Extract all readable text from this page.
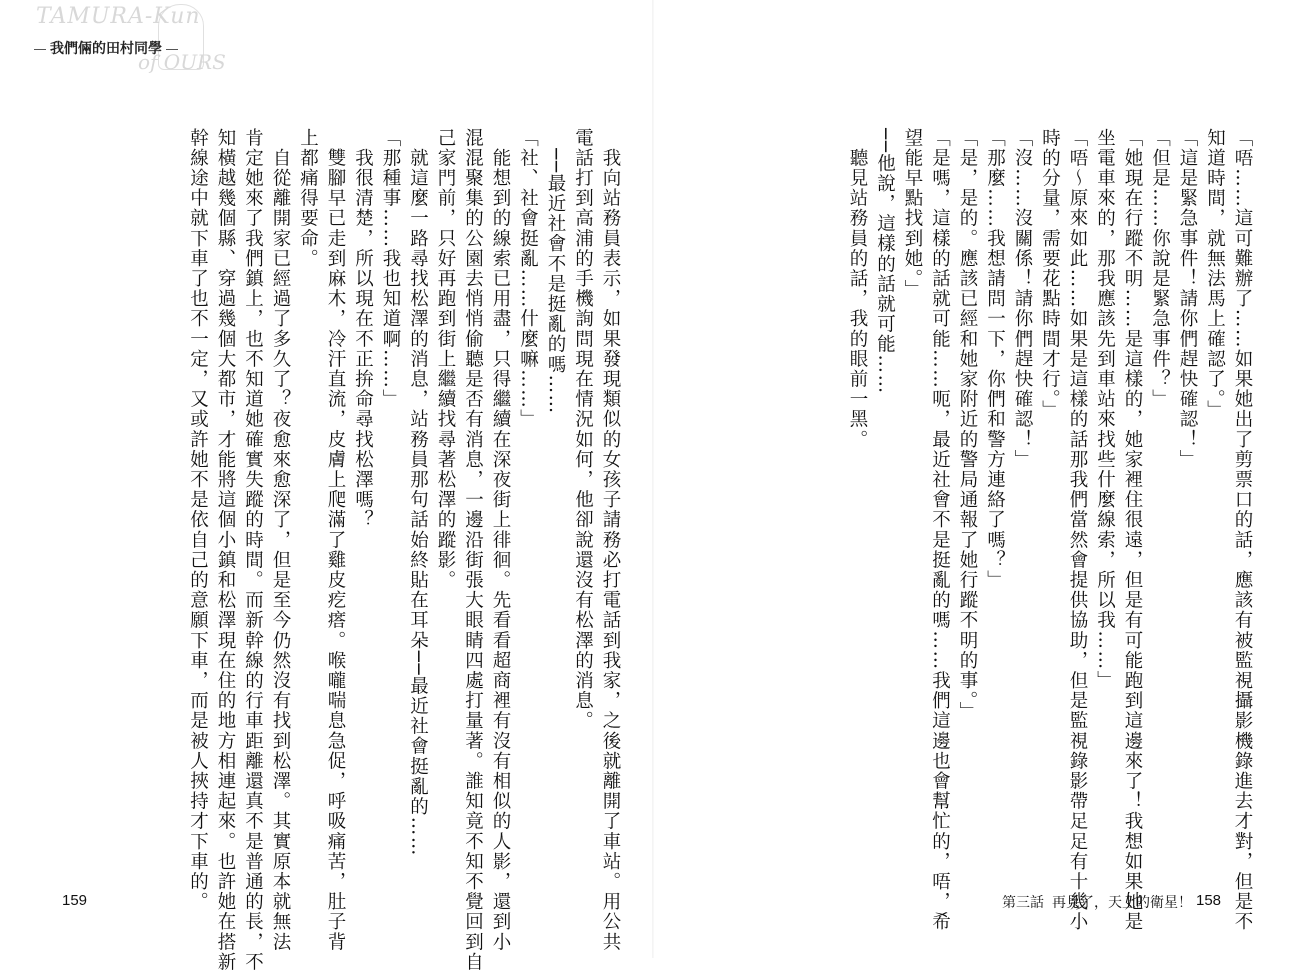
TAMURA-Kun
我們倆的田村同學
of OURS

「唔……這可難辦了……如果她出了剪票口的話，應該有被監視攝影機錄進去才對，但是不

知道時間，就無法馬上確認了。」

「這是緊急事件！請你們趕快確認！」

「但是……你說是緊急事件？」

「她現在行蹤不明……是這樣的，她家裡住很遠，但是有可能跑到這邊來了！我想如果她是

坐電車來的，那我應該先到車站來找些什麼線索，所以我……」

「唔～原來如此……如果是這樣的話那我們當然會提供協助，但是監視錄影帶足足有十幾小

時的分量，需要花點時間才行。」

「沒……沒關係！請你們趕快確認！」

「那麼……我想請問一下，你們和警方連絡了嗎？」

「是，是的。應該已經和她家附近的警局通報了她行蹤不明的事。」

「是嗎，這樣的話就可能……呃，最近社會不是挺亂的嗎……我們這邊也會幫忙的，唔，希

望能早點找到她。」

──他說，這樣的話就可能……

　聽見站務員的話，我的眼前一黑。

　我向站務員表示，如果發現類似的女孩子請務必打電話到我家，之後就離開了車站。用公共

電話打到高浦的手機詢問現在情況如何，他卻說還沒有松澤的消息。

　──最近社會不是挺亂的嗎……

「社、社會挺亂……什麼嘛……」

　能想到的線索已用盡，只得繼續在深夜街上徘徊。先看看超商裡有沒有相似的人影，還到小

混混聚集的公園去悄悄偷聽是否有消息，一邊沿街張大眼睛四處打量著。誰知竟不知不覺回到自

己家門前，只好再跑到街上繼續找尋著松澤的蹤影。

　就這麼一路尋找松澤的消息，站務員那句話始終貼在耳朵──最近社會挺亂的……

「那種事……我也知道啊……」

　我很清楚，所以現在不正拚命尋找松澤嗎？

　雙腳早已走到麻木，冷汗直流，皮膚上爬滿了雞皮疙瘩。喉嚨喘息急促，呼吸痛苦，肚子背

上都痛得要命。

　自從離開家已經過了多久了？夜愈來愈深了，但是至今仍然沒有找到松澤。其實原本就無法

肯定她來了我們鎮上，也不知道她確實失蹤的時間。而新幹線的行車距離還真不是普通的長，不

知橫越幾個縣、穿過幾個大都市，才能將這個小鎮和松澤現在住的地方相連起來。也許她在搭新

幹線途中就下車了也不一定，又或許她不是依自己的意願下車，而是被人挾持才下車的。

159	第三話 再見了，天上的衛星！ 158
